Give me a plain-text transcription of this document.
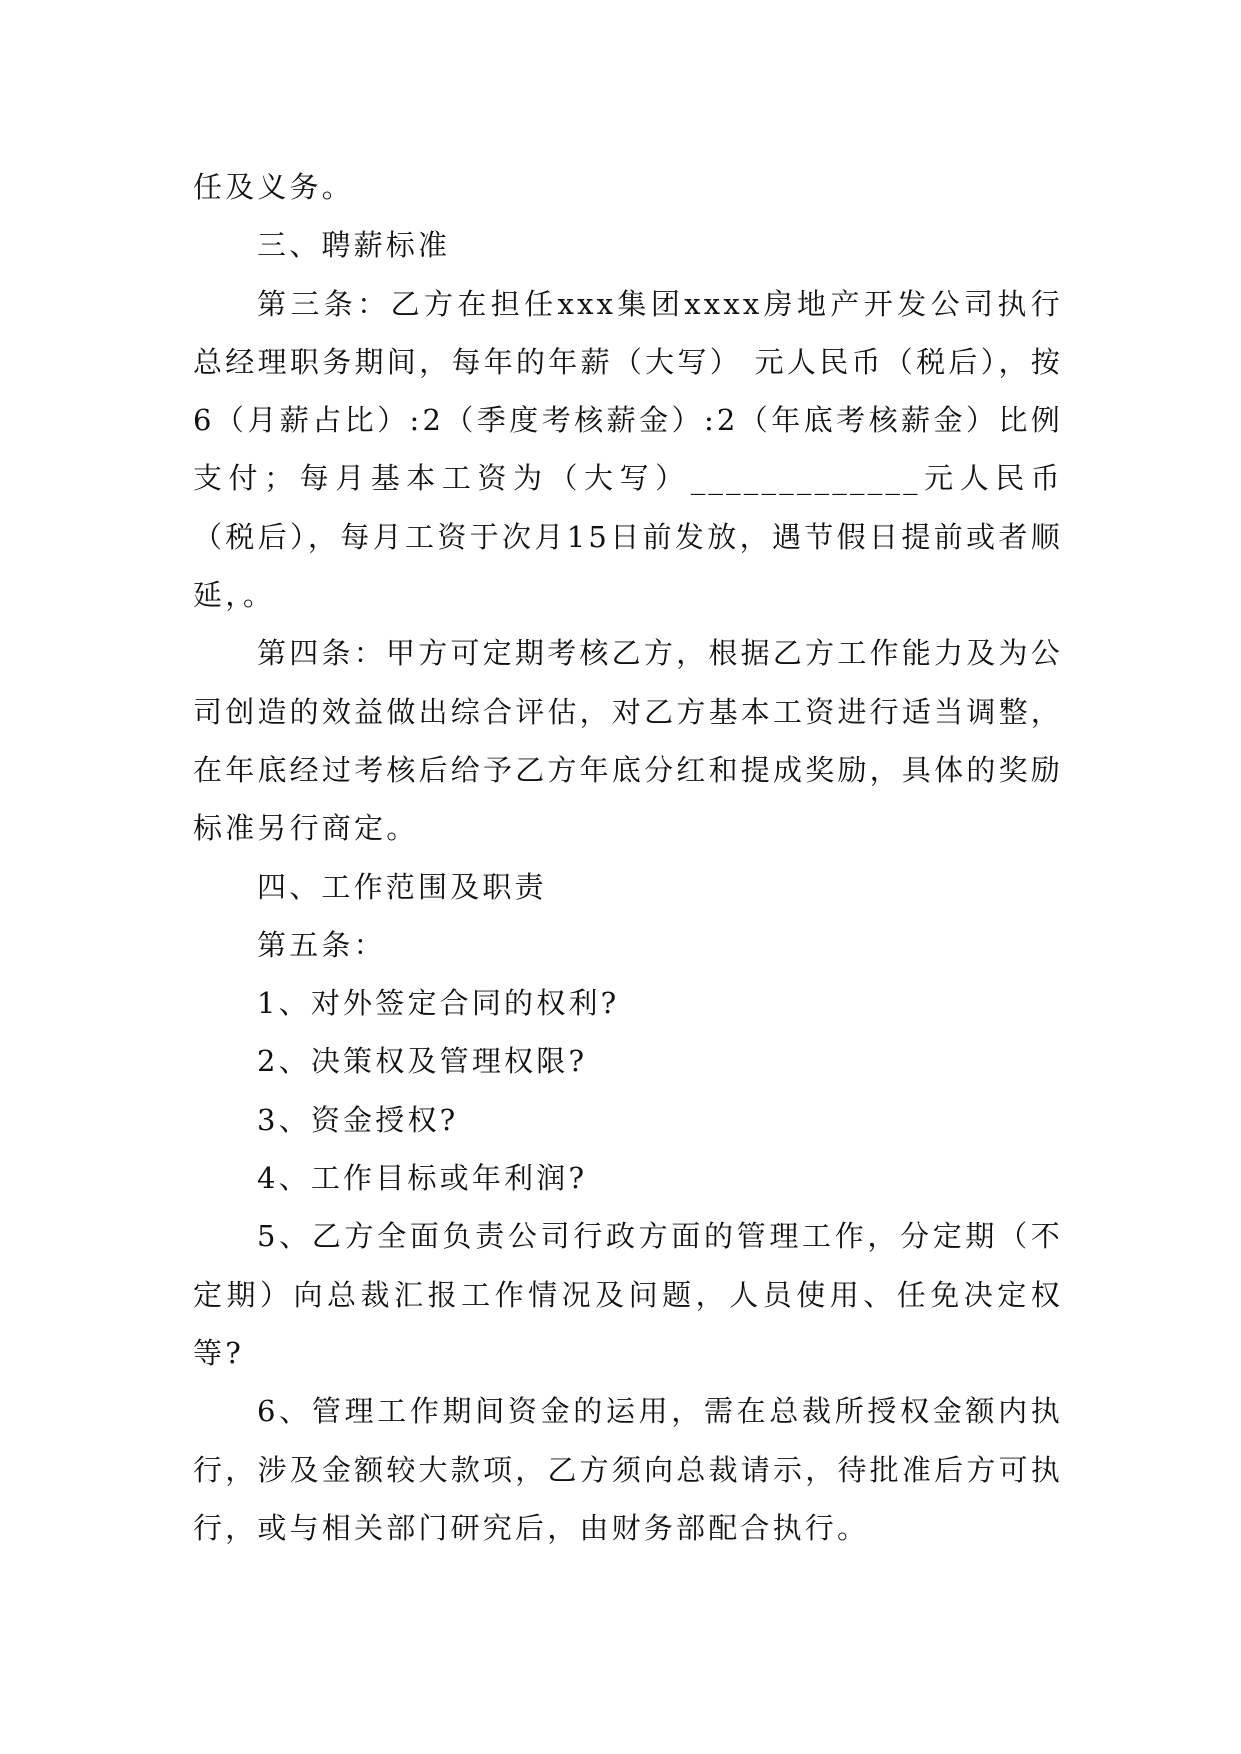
任及义务。

三、聘薪标准

第三条：乙方在担任xxx集团xxxx房地产开发公司执行总经理职务期间，每年的年薪（大写） 元人民币（税后），按6（月薪占比）:2（季度考核薪金）:2（年底考核薪金）比例支付；每月基本工资为（大写）_____________元人民币（税后），每月工资于次月15日前发放，遇节假日提前或者顺延，。

第四条：甲方可定期考核乙方，根据乙方工作能力及为公司创造的效益做出综合评估，对乙方基本工资进行适当调整，在年底经过考核后给予乙方年底分红和提成奖励，具体的奖励标准另行商定。

四、工作范围及职责

第五条：

1、对外签定合同的权利?

2、决策权及管理权限?

3、资金授权?

4、工作目标或年利润?

5、乙方全面负责公司行政方面的管理工作，分定期（不定期）向总裁汇报工作情况及问题，人员使用、任免决定权等?

6、管理工作期间资金的运用，需在总裁所授权金额内执行，涉及金额较大款项，乙方须向总裁请示，待批准后方可执行，或与相关部门研究后，由财务部配合执行。
